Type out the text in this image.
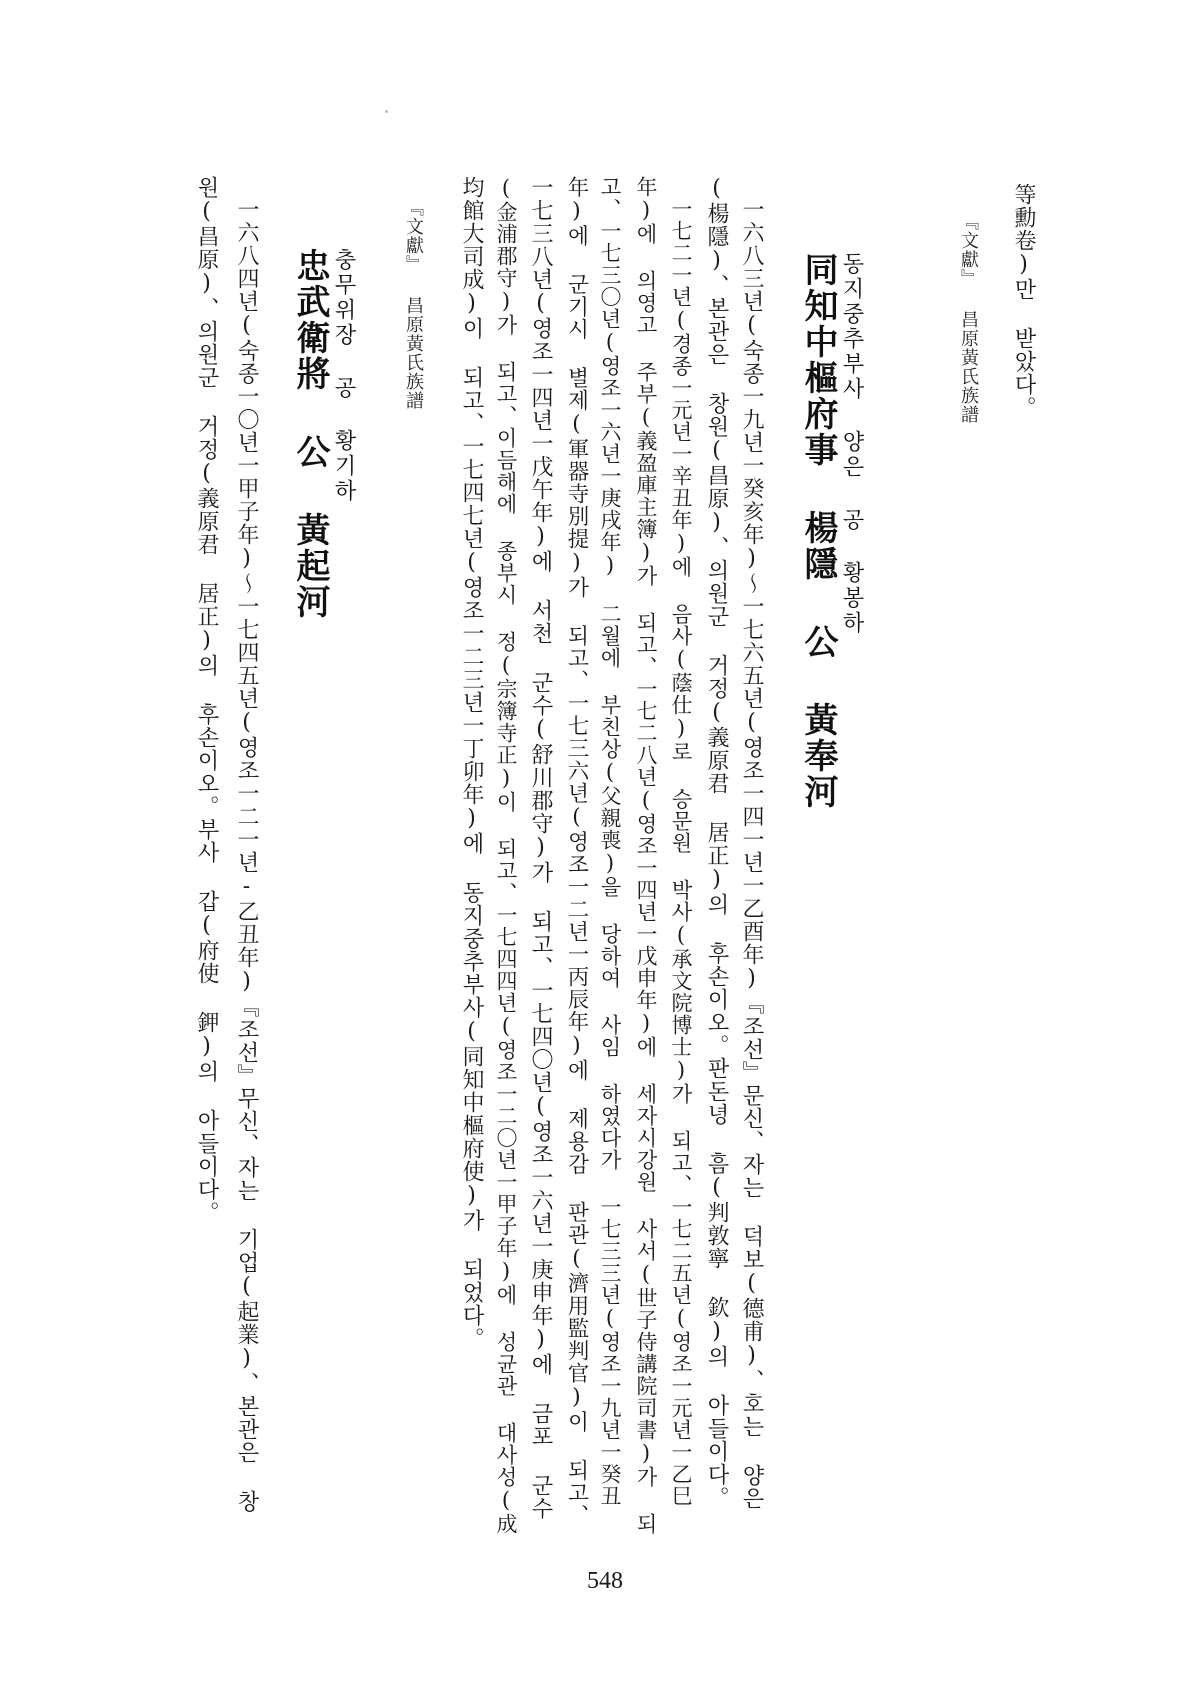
等勳卷)만 받았다。
『文獻』 昌原黃氏族譜
동지중추부사 양은 공 황봉하
同知中樞府事 楊隱 公 黃奉河
一六八三년(숙종一九년一癸亥年)～一七六五년(영조一四一년一乙酉年)『조선』문신、자는 덕보(德甫)、호는 양은
(楊隱)、본관은 창원(昌原)、의원군 거정(義原君 居正)의 후손이오。판돈녕 흠(判敦寧 欽)의 아들이다。
一七二一년(경종一元년一辛丑年)에 음사(蔭仕)로 승문원 박사(承文院博士)가 되고、一七二五년(영조一元년一乙巳
年)에 의영고 주부(義盈庫主簿)가 되고、一七二八년(영조一四년一戊申年)에 세자시강원 사서(世子侍講院司書)가 되
고、一七三〇년(영조一六년一庚戌年) 二월에 부친상(父親喪)을 당하여 사임 하였다가 一七三三년(영조一九년一癸丑
年)에 군기시 별제(軍器寺別提)가 되고、一七三六년(영조一二년一丙辰年)에 제용감 판관(濟用監判官)이 되고、
一七三八년(영조一四년一戊午年)에 서천 군수(舒川郡守)가 되고、一七四〇년(영조一六년一庚申年)에 금포 군수
(金浦郡守)가 되고、이듬해에 종부시 정(宗簿寺正)이 되고、一七四四년(영조一二〇년一甲子年)에 성균관 대사성(成
均館大司成)이 되고、一七四七년(영조一二三년一丁卯年)에 동지중추부사(同知中樞府使)가 되었다。
『文獻』 昌原黃氏族譜
충무위장 공 황기하
忠武衛將 公 黃起河
一六八四년(숙종一〇년一甲子年)～一七四五년(영조一二一년-乙丑年)『조선』무신、자는 기업(起業)、본관은 창
원(昌原)、의원군 거정(義原君 居正)의 후손이오。부사 갑(府使 鉀)의 아들이다。
548
